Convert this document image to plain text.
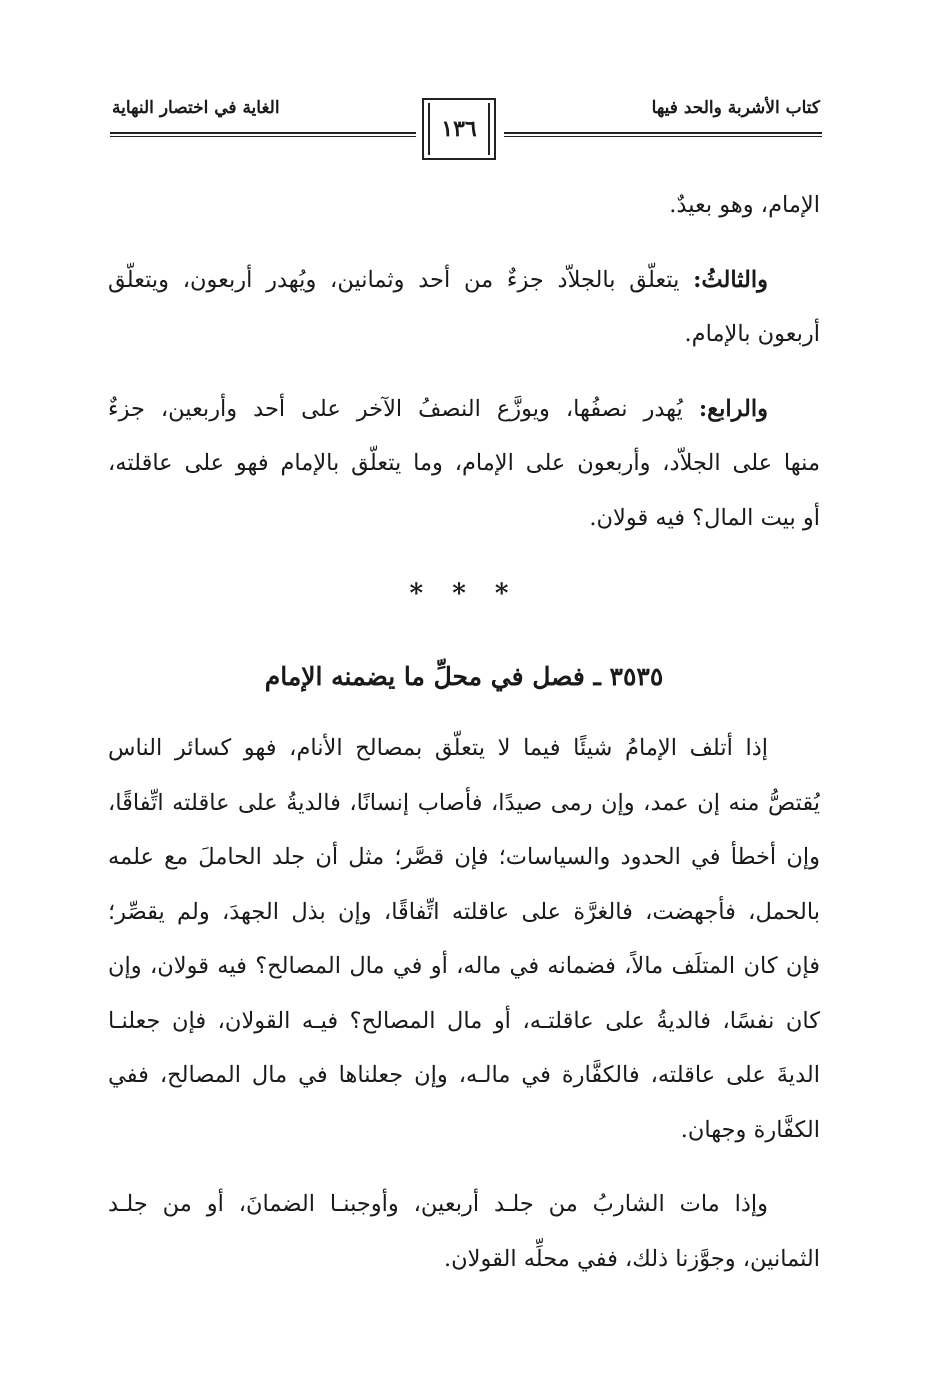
كتاب الأشربة والحد فيها
الغاية في اختصار النهاية
١٣٦
الإمام، وهو بعيدٌ.
والثالثُ: يتعلّق بالجلاّد جزءٌ من أحد وثمانين، ويُهدر أربعون، ويتعلّق
أربعون بالإمام.
والرابع: يُهدر نصفُها، ويوزَّع النصفُ الآخر على أحد وأربعين، جزءٌ
منها على الجلاّد، وأربعون على الإمام، وما يتعلّق بالإمام فهو على عاقلته،
أو بيت المال؟ فيه قولان.
* * *
٣٥٣٥ ـ فصل في محلِّ ما يضمنه الإمام
إذا أتلف الإمامُ شيئًا فيما لا يتعلّق بمصالح الأنام، فهو كسائر الناس
يُقتصُّ منه إن عمد، وإن رمى صيدًا، فأصاب إنسانًا، فالديةُ على عاقلته اتِّفاقًا،
وإن أخطأ في الحدود والسياسات؛ فإن قصَّر؛ مثل أن جلد الحاملَ مع علمه
بالحمل، فأجهضت، فالغرَّة على عاقلته اتِّفاقًا، وإن بذل الجهدَ، ولم يقصِّر؛
فإن كان المتلَف مالاً، فضمانه في ماله، أو في مال المصالح؟ فيه قولان، وإن
كان نفسًا، فالديةُ على عاقلتـه، أو مال المصالح؟ فيـه القولان، فإن جعلنـا
الديةَ على عاقلته، فالكفَّارة في مالـه، وإن جعلناها في مال المصالح، ففي
الكفَّارة وجهان.
وإذا مات الشاربُ من جلـد أربعين، وأوجبنـا الضمانَ، أو من جلـد
الثمانين، وجوَّزنا ذلك، ففي محلِّه القولان.
